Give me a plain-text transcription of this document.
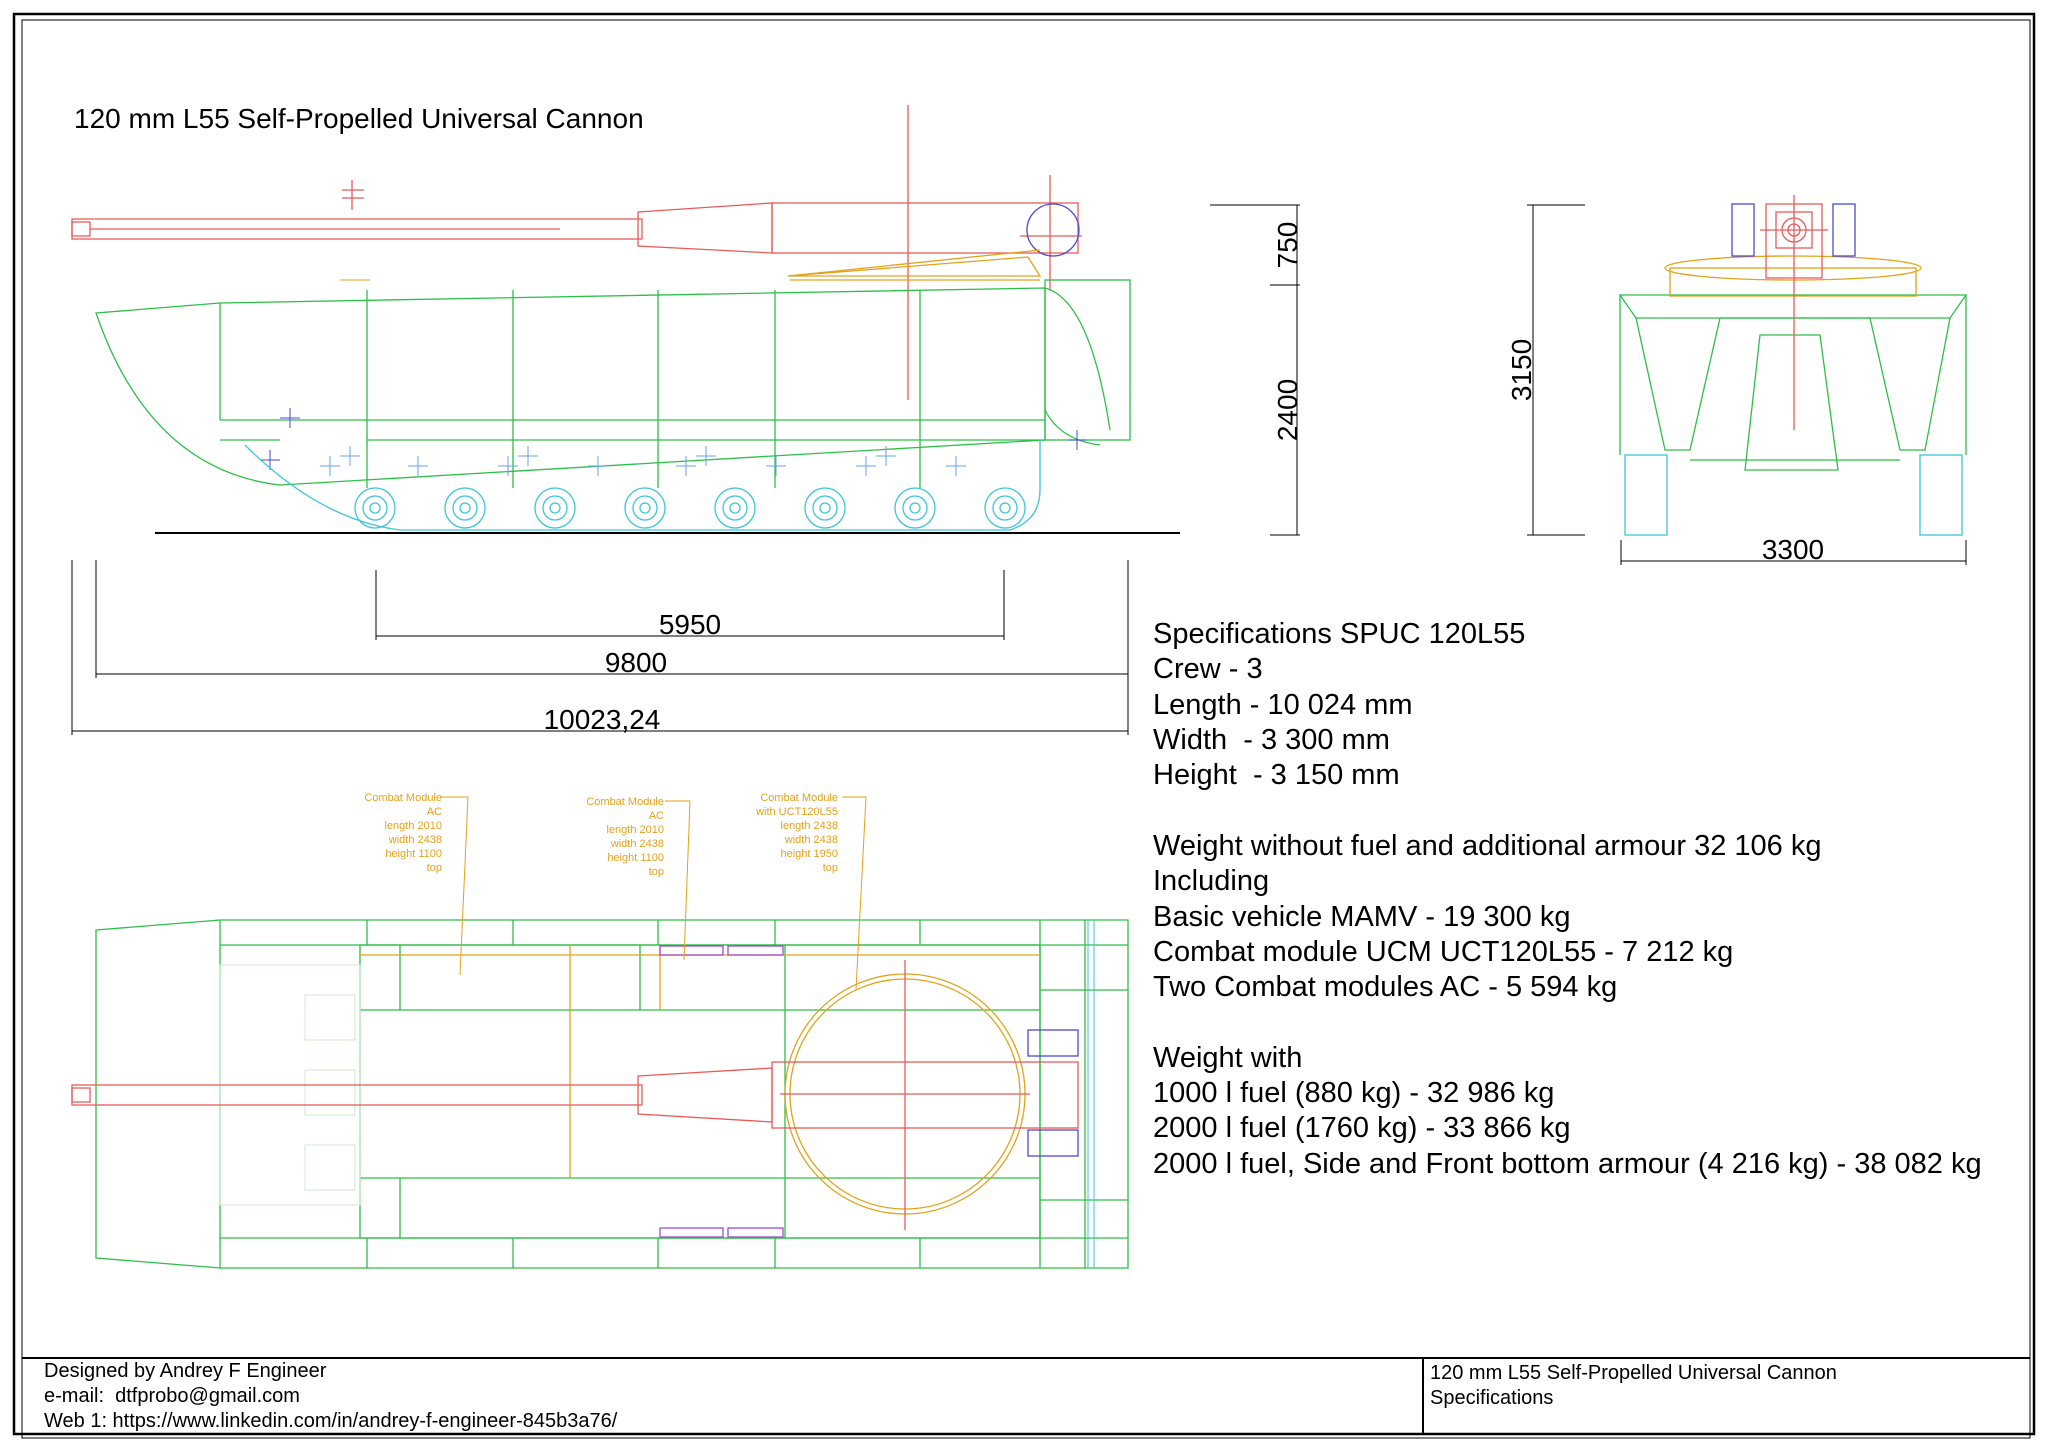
120 mm L55 Self-Propelled Universal Cannon
5950
9800
10023,24
750
2400
3150
3300
Combat Module
AC
length 2010
width 2438
height 1100
top
Combat Module
AC
length 2010
width 2438
height 1100
top
Combat Module
with UCT120L55
length 2438
width 2438
height 1950
top
Specifications SPUC 120L55
Crew - 3
Length - 10 024 mm
Width  - 3 300 mm
Height  - 3 150 mm
Weight without fuel and additional armour 32 106 kg
Including
Basic vehicle MAMV - 19 300 kg
Combat module UCM UCT120L55 - 7 212 kg
Two Combat modules AC - 5 594 kg
Weight with
1000 l fuel (880 kg) - 32 986 kg
2000 l fuel (1760 kg) - 33 866 kg
2000 l fuel, Side and Front bottom armour (4 216 kg) - 38 082 kg
Designed by Andrey F Engineer
e-mail:  dtfprobo@gmail.com
Web 1: https://www.linkedin.com/in/andrey-f-engineer-845b3a76/
120 mm L55 Self-Propelled Universal Cannon
Specifications
